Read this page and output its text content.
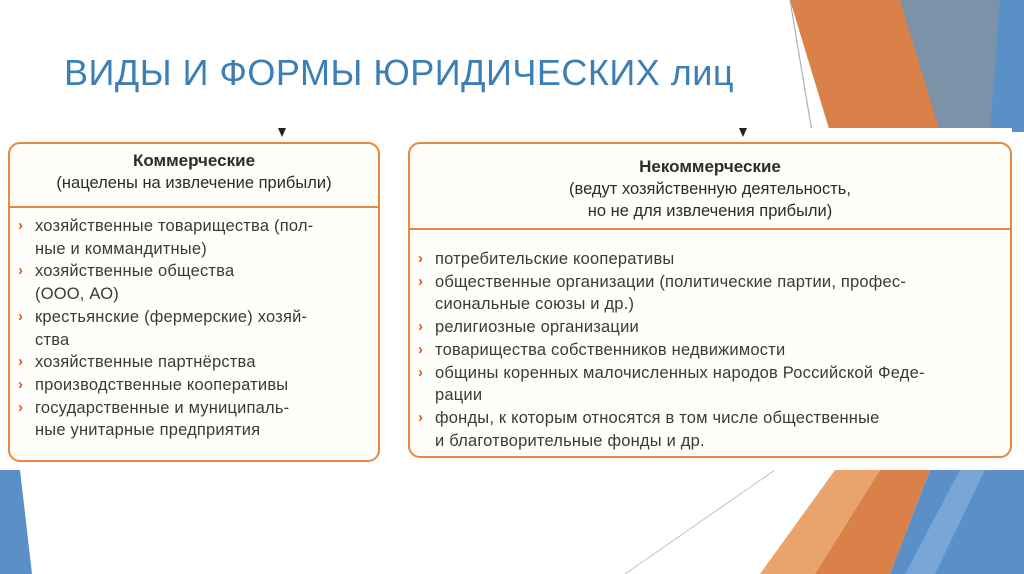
ВИДЫ И ФОРМЫ ЮРИДИЧЕСКИХ лиц
Коммерческие
(нацелены на извлечение прибыли)
› хозяйственные товарищества (пол-
ные и коммандитные)
› хозяйственные общества
(ООО, АО)
› крестьянские (фермерские) хозяй-
ства
› хозяйственные партнёрства
› производственные кооперативы
› государственные и муниципаль-
ные унитарные предприятия
Некоммерческие
(ведут хозяйственную деятельность,
но не для извлечения прибыли)
› потребительские кооперативы
› общественные организации (политические партии, профес-
сиональные союзы и др.)
› религиозные организации
› товарищества собственников недвижимости
› общины коренных малочисленных народов Российской Феде-
рации
› фонды, к которым относятся в том числе общественные
и благотворительные фонды и др.
